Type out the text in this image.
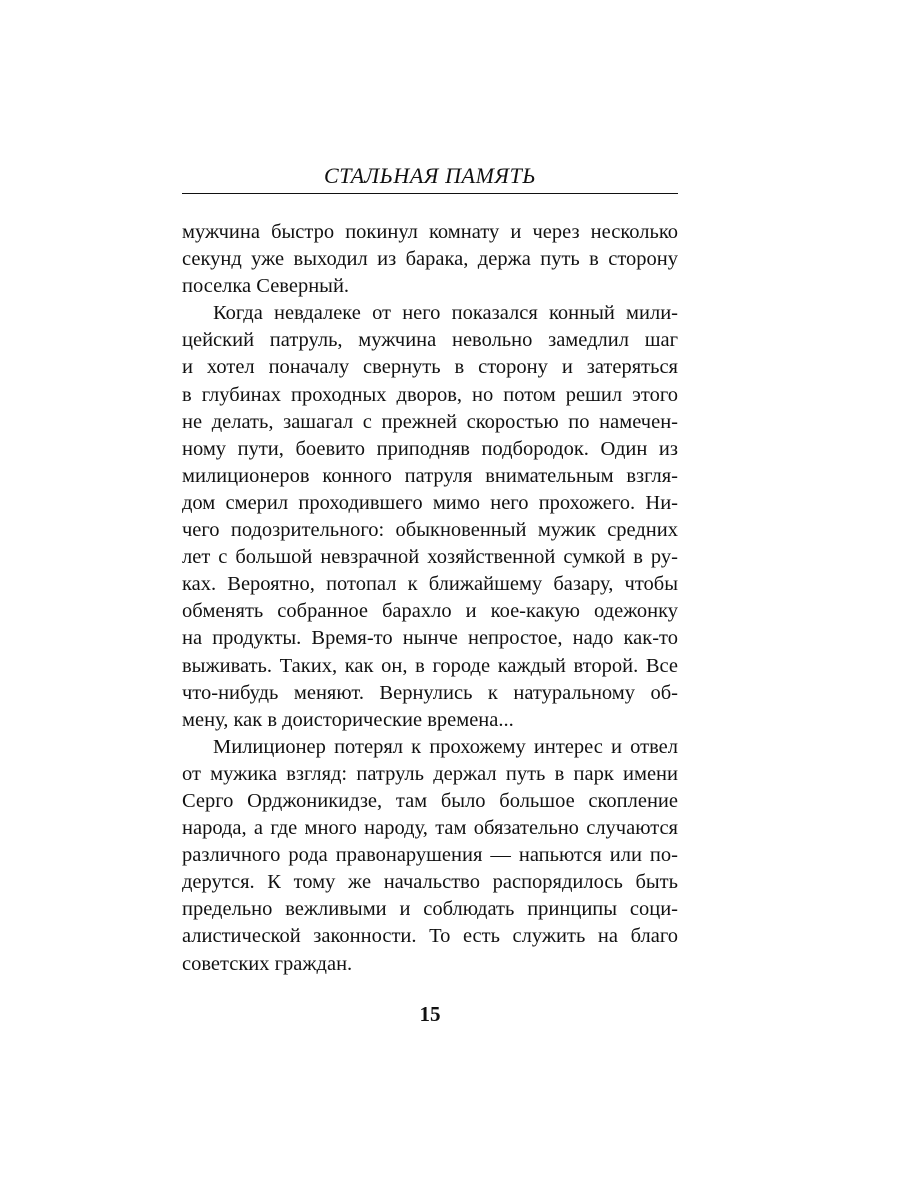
СТАЛЬНАЯ ПАМЯТЬ
мужчина быстро покинул комнату и через несколько
секунд уже выходил из барака, держа путь в сторону
поселка Северный.
Когда невдалеке от него показался конный мили-
цейский патруль, мужчина невольно замедлил шаг
и хотел поначалу свернуть в сторону и затеряться
в глубинах проходных дворов, но потом решил этого
не делать, зашагал с прежней скоростью по намечен-
ному пути, боевито приподняв подбородок. Один из
милиционеров конного патруля внимательным взгля-
дом смерил проходившего мимо него прохожего. Ни-
чего подозрительного: обыкновенный мужик средних
лет с большой невзрачной хозяйственной сумкой в ру-
ках. Вероятно, потопал к ближайшему базару, чтобы
обменять собранное барахло и кое-какую одежонку
на продукты. Время-то нынче непростое, надо как-то
выживать. Таких, как он, в городе каждый второй. Все
что-нибудь меняют. Вернулись к натуральному об-
мену, как в доисторические времена...
Милиционер потерял к прохожему интерес и отвел
от мужика взгляд: патруль держал путь в парк имени
Серго Орджоникидзе, там было большое скопление
народа, а где много народу, там обязательно случаются
различного рода правонарушения — напьются или по-
дерутся. К тому же начальство распорядилось быть
предельно вежливыми и соблюдать принципы соци-
алистической законности. То есть служить на благо
советских граждан.
15
